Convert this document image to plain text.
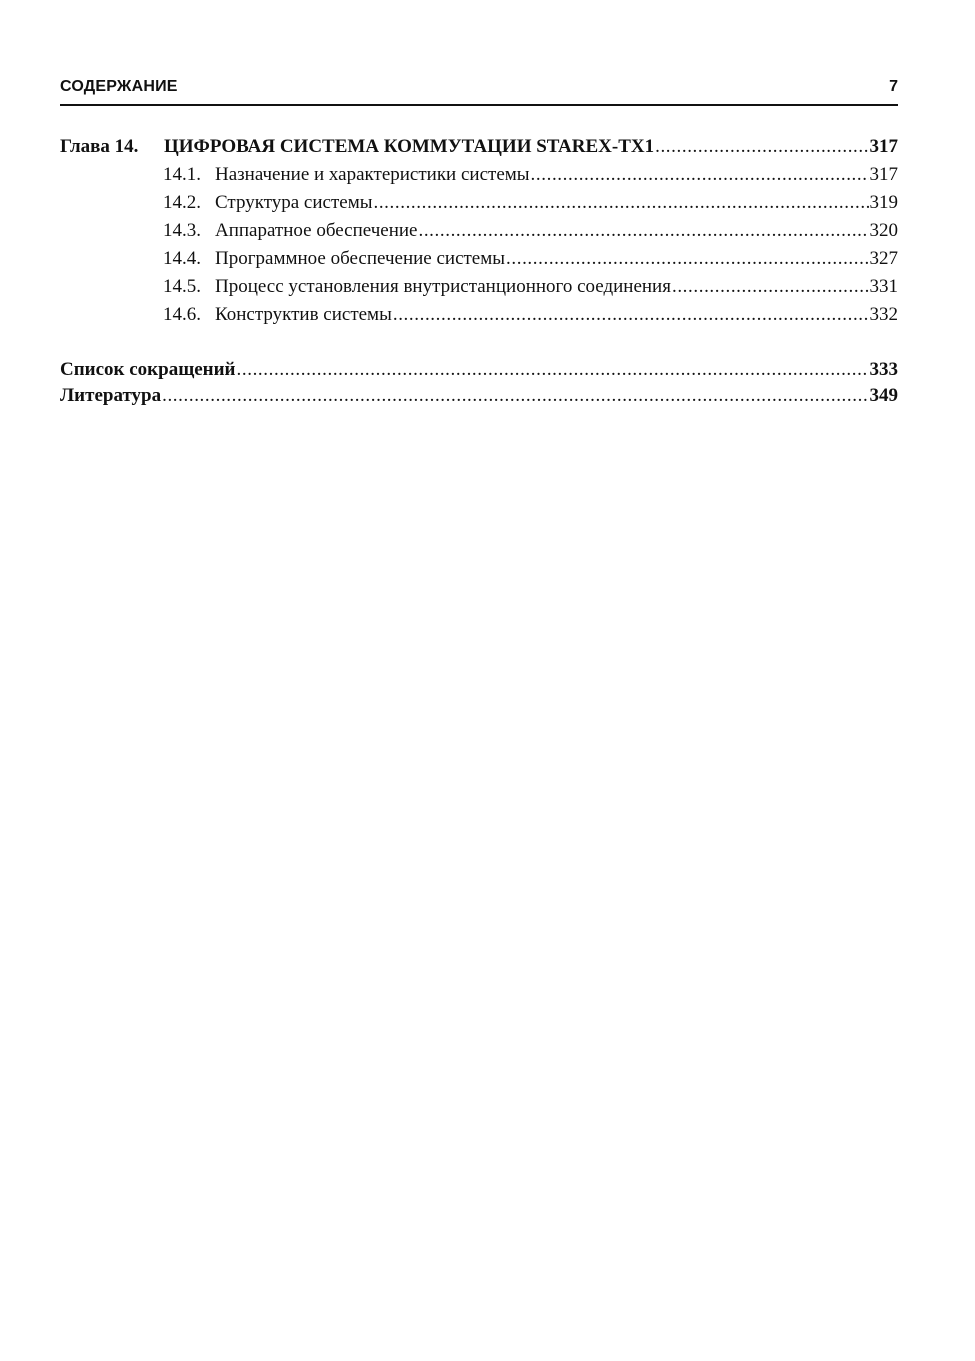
СОДЕРЖАНИЕ	7
Глава 14.	ЦИФРОВАЯ СИСТЕМА КОММУТАЦИИ STAREX-TX1 .....	317
14.1. Назначение и характеристики системы .....	317
14.2. Структура системы .....	319
14.3. Аппаратное обеспечение .....	320
14.4. Программное обеспечение системы .....	327
14.5. Процесс установления внутристанционного соединения .....	331
14.6. Конструктив системы .....	332
Список сокращений .....	333
Литература .....	349
